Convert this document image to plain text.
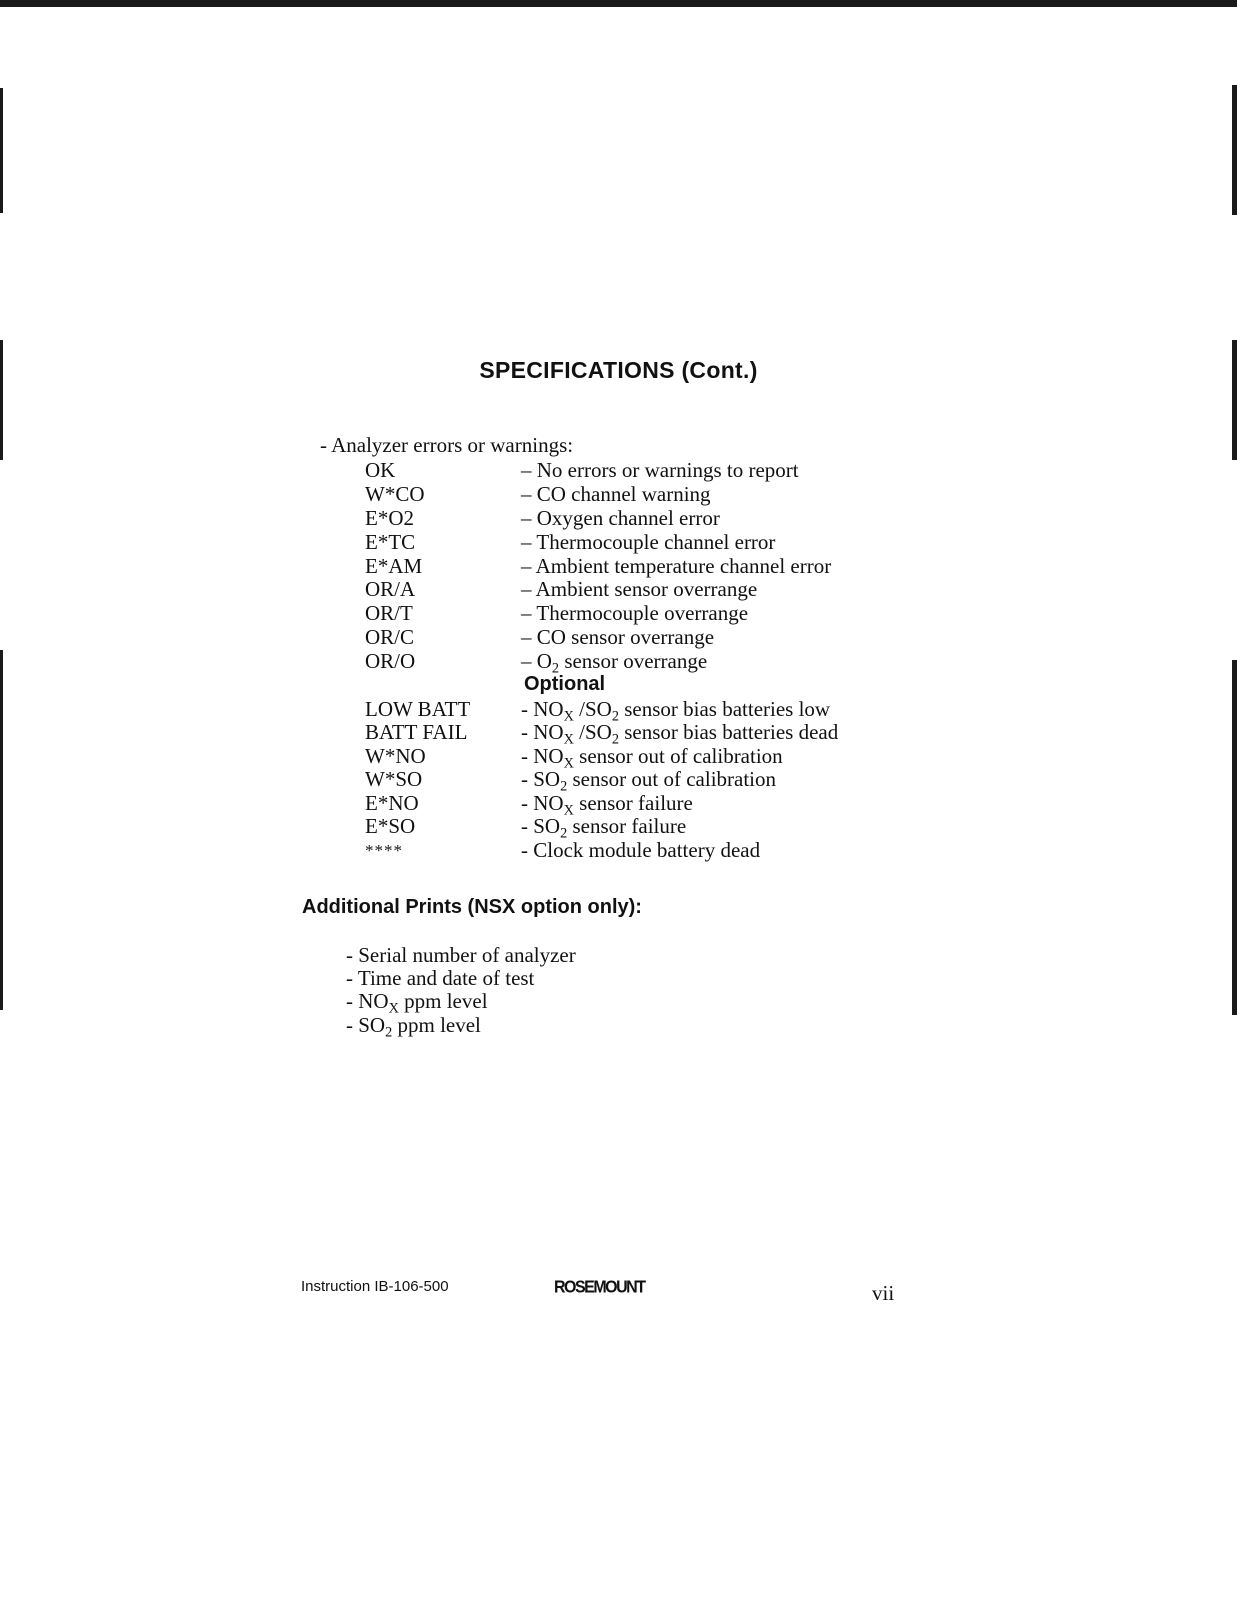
SPECIFICATIONS (Cont.)
- Analyzer errors or warnings:
OK	– No errors or warnings to report
W*CO	– CO channel warning
E*O2	– Oxygen channel error
E*TC	– Thermocouple channel error
E*AM	– Ambient temperature channel error
OR/A	– Ambient sensor overrange
OR/T	– Thermocouple overrange
OR/C	– CO sensor overrange
OR/O	– $O_2$ sensor overrange
Optional
LOW BATT - $NO_X$ $/SO_2$ sensor bias batteries low
BATT FAIL	- $NO_X$ $/SO_2$ sensor bias batteries dead
W*NO	- $NO_X$ sensor out of calibration
W*SO	- $SO_2$ sensor out of calibration
E*NO	- $NO_X$ sensor failure
E*SO	- $SO_2$ sensor failure
****	- Clock module battery dead
Additional Prints (NSX option only):
- Serial number of analyzer
- Time and date of test
- $NO_X$ ppm level
- $SO_2$ ppm level
Instruction IB-106-500	ROSEMOUNT	vii
